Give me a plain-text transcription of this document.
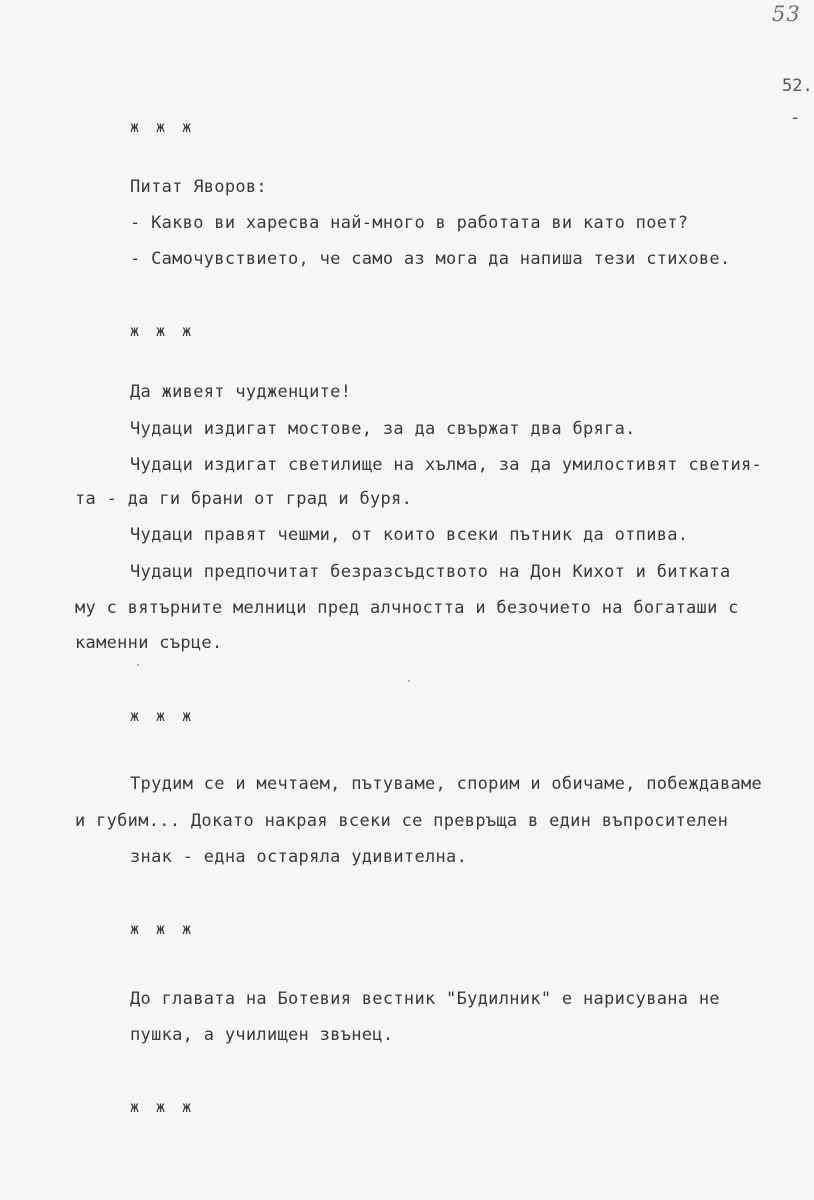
53
52.
-
ж ж ж
Питат Яворов:
- Какво ви харесва най-много в работата ви като поет?
- Самочувствието, че само аз мога да напиша тези стихове.
ж ж ж
Да живеят чудженците!
Чудаци издигат мостове, за да свържат два бряга.
Чудаци издигат светилище на хълма, за да умилостивят светия-
та - да ги брани от град и буря.
Чудаци правят чешми, от които всеки пътник да отпива.
Чудаци предпочитат безразсъдството на Дон Кихот и битката
му с вятърните мелници пред алчността и безочието на богаташи с
каменни сърце.
ж ж ж
Трудим се и мечтаем, пътуваме, спорим и обичаме, побеждаваме
и губим... Докато накрая всеки се превръща в един въпросителен
знак - една остаряла удивителна.
ж ж ж
До главата на Ботевия вестник "Будилник" е нарисувана не
пушка, а училищен звънец.
ж ж ж
